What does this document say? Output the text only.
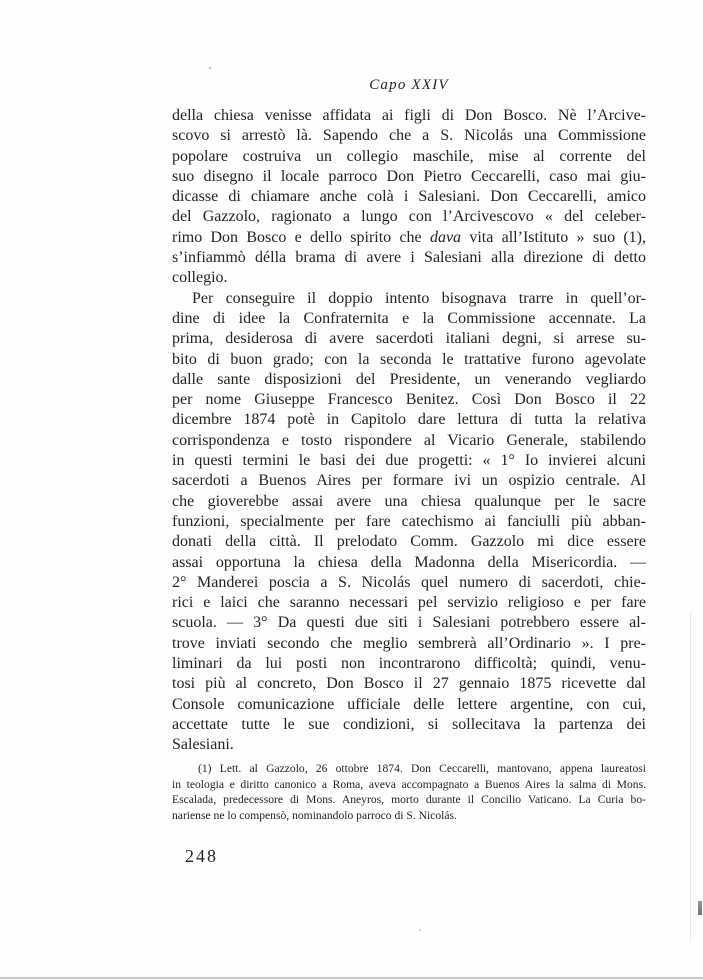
Capo XXIV
della chiesa venisse affidata ai figli di Don Bosco. Nè l’Arcive-
scovo si arrestò là. Sapendo che a S. Nicolás una Commissione
popolare costruiva un collegio maschile, mise al corrente del
suo disegno il locale parroco Don Pietro Ceccarelli, caso mai giu-
dicasse di chiamare anche colà i Salesiani. Don Ceccarelli, amico
del Gazzolo, ragionato a lungo con l’Arcivescovo « del celeber-
rimo Don Bosco e dello spirito che dava vita all’Istituto » suo (1),
s’infiammò délla brama di avere i Salesiani alla direzione di detto
collegio.
Per conseguire il doppio intento bisognava trarre in quell’or-
dine di idee la Confraternita e la Commissione accennate. La
prima, desiderosa di avere sacerdoti italiani degni, si arrese su-
bito di buon grado; con la seconda le trattative furono agevolate
dalle sante disposizioni del Presidente, un venerando vegliardo
per nome Giuseppe Francesco Benitez. Così Don Bosco il 22
dicembre 1874 potè in Capitolo dare lettura di tutta la relativa
corrispondenza e tosto rispondere al Vicario Generale, stabilendo
in questi termini le basi dei due progetti: « 1° Io invierei alcuni
sacerdoti a Buenos Aires per formare ivi un ospizio centrale. Al
che gioverebbe assai avere una chiesa qualunque per le sacre
funzioni, specialmente per fare catechismo ai fanciulli più abban-
donati della città. Il prelodato Comm. Gazzolo mi dice essere
assai opportuna la chiesa della Madonna della Misericordia. —
2° Manderei poscia a S. Nicolás quel numero di sacerdoti, chie-
rici e laici che saranno necessari pel servizio religioso e per fare
scuola. — 3° Da questi due siti i Salesiani potrebbero essere al-
trove inviati secondo che meglio sembrerà all’Ordinario ». I pre-
liminari da lui posti non incontrarono difficoltà; quindi, venu-
tosi più al concreto, Don Bosco il 27 gennaio 1875 ricevette dal
Console comunicazione ufficiale delle lettere argentine, con cui,
accettate tutte le sue condizioni, si sollecitava la partenza dei
Salesiani.
(1) Lett. al Gazzolo, 26 ottobre 1874. Don Ceccarelli, mantovano, appena laureatosi
in teologia e diritto canonico a Roma, aveva accompagnato a Buenos Aires la salma di Mons.
Escalada, predecessore di Mons. Aneyros, morto durante il Concilio Vaticano. La Curia bo-
nariense ne lo compensò, nominandolo parroco di S. Nicolás.
248
